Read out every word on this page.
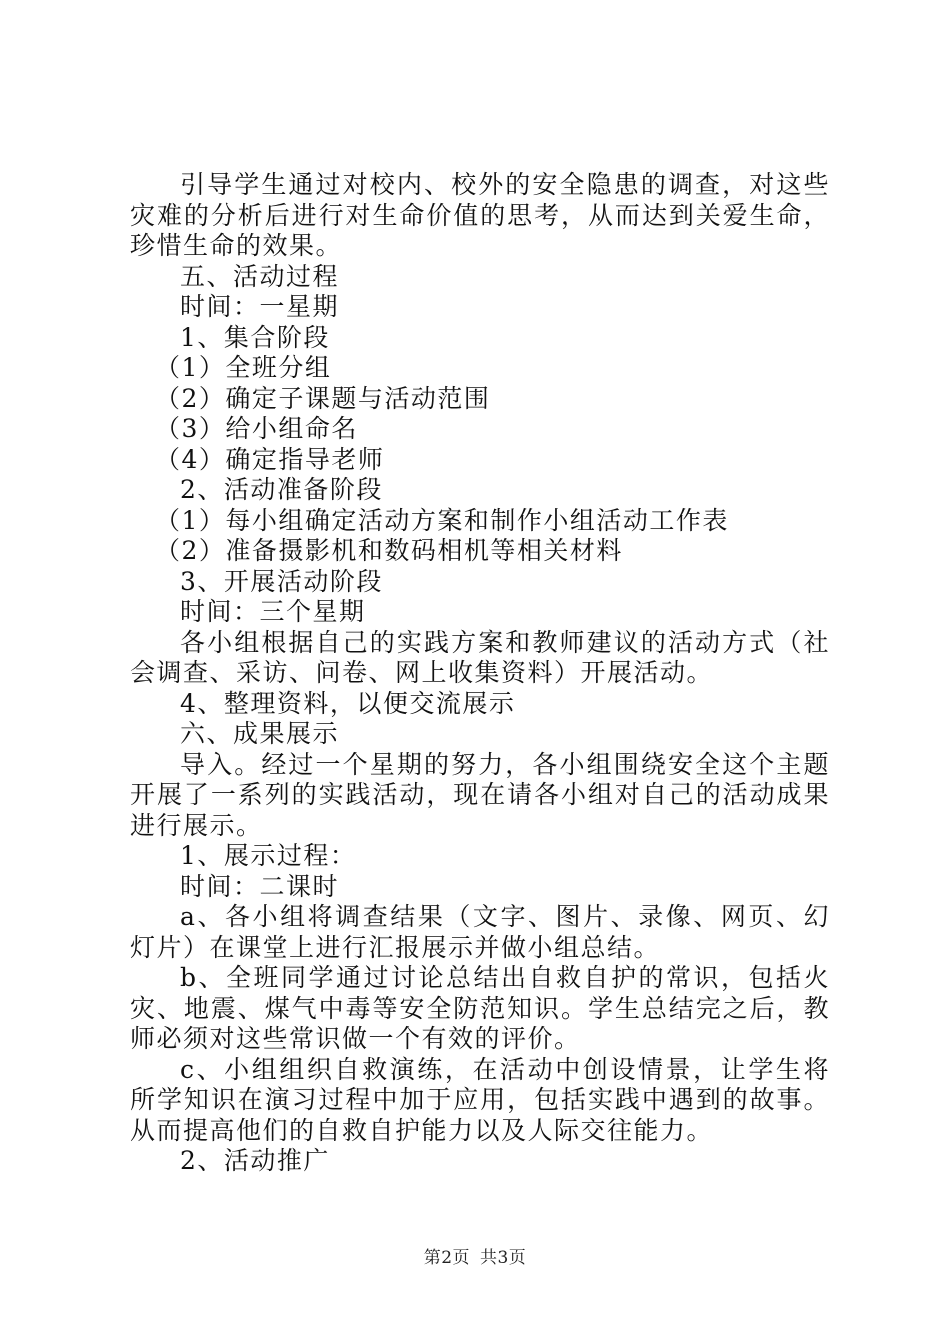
引导学生通过对校内、校外的安全隐患的调查，对这些灾难的分析后进行对生命价值的思考，从而达到关爱生命，珍惜生命的效果。

五、活动过程

时间：一星期

1、集合阶段

（1）全班分组

（2）确定子课题与活动范围

（3）给小组命名

（4）确定指导老师

2、活动准备阶段

（1）每小组确定活动方案和制作小组活动工作表

（2）准备摄影机和数码相机等相关材料

3、开展活动阶段

时间：三个星期

各小组根据自己的实践方案和教师建议的活动方式（社会调查、采访、问卷、网上收集资料）开展活动。

4、整理资料，以便交流展示

六、成果展示

导入。经过一个星期的努力，各小组围绕安全这个主题开展了一系列的实践活动，现在请各小组对自己的活动成果进行展示。

1、展示过程：

时间：二课时

a、各小组将调查结果（文字、图片、录像、网页、幻灯片）在课堂上进行汇报展示并做小组总结。

b、全班同学通过讨论总结出自救自护的常识，包括火灾、地震、煤气中毒等安全防范知识。学生总结完之后，教师必须对这些常识做一个有效的评价。

c、小组组织自救演练，在活动中创设情景，让学生将所学知识在演习过程中加于应用，包括实践中遇到的故事。从而提高他们的自救自护能力以及人际交往能力。

2、活动推广

第2页 共3页
